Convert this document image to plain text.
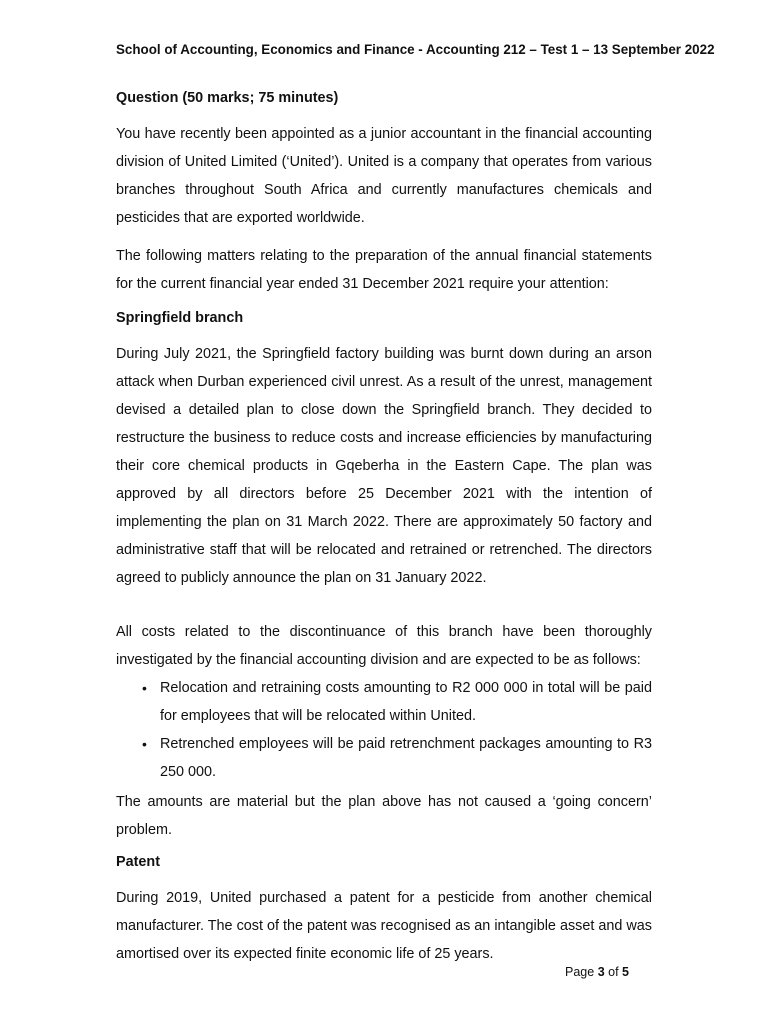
School of Accounting, Economics and Finance - Accounting 212 – Test 1 – 13 September 2022

Question (50 marks; 75 minutes)

You have recently been appointed as a junior accountant in the financial accounting division of United Limited (‘United’). United is a company that operates from various branches throughout South Africa and currently manufactures chemicals and pesticides that are exported worldwide.

The following matters relating to the preparation of the annual financial statements for the current financial year ended 31 December 2021 require your attention:

Springfield branch

During July 2021, the Springfield factory building was burnt down during an arson attack when Durban experienced civil unrest. As a result of the unrest, management devised a detailed plan to close down the Springfield branch. They decided to restructure the business to reduce costs and increase efficiencies by manufacturing their core chemical products in Gqeberha in the Eastern Cape. The plan was approved by all directors before 25 December 2021 with the intention of implementing the plan on 31 March 2022. There are approximately 50 factory and administrative staff that will be relocated and retrained or retrenched. The directors agreed to publicly announce the plan on 31 January 2022.

All costs related to the discontinuance of this branch have been thoroughly investigated by the financial accounting division and are expected to be as follows:

• Relocation and retraining costs amounting to R2 000 000 in total will be paid for employees that will be relocated within United.
• Retrenched employees will be paid retrenchment packages amounting to R3 250 000.

The amounts are material but the plan above has not caused a ‘going concern’ problem.

Patent

During 2019, United purchased a patent for a pesticide from another chemical manufacturer. The cost of the patent was recognised as an intangible asset and was amortised over its expected finite economic life of 25 years.

Page 3 of 5
